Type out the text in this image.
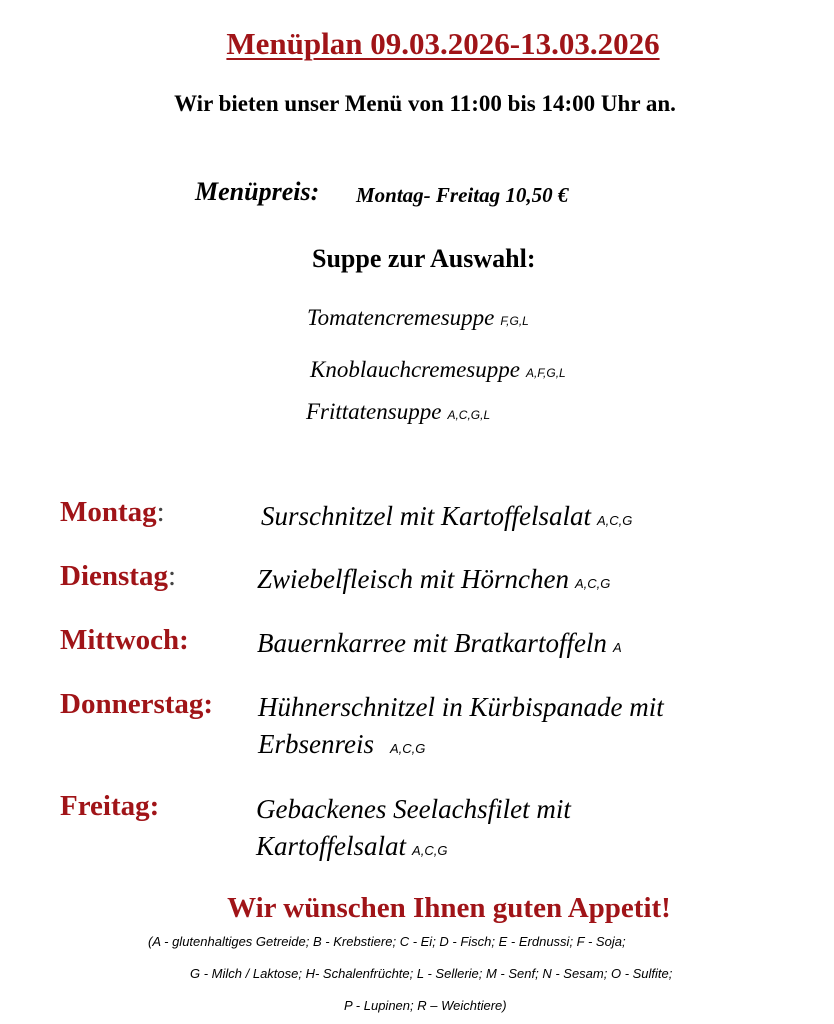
Menüplan 09.03.2026-13.03.2026
Wir bieten unser Menü von 11:00 bis 14:00 Uhr an.
Menüpreis: Montag- Freitag 10,50 €
Suppe zur Auswahl:
Tomatencremesuppe F,G,L
Knoblauchcremesuppe A,F,G,L
Frittatensuppe A,C,G,L
Montag:	Surschnitzel mit Kartoffelsalat A,C,G
Dienstag:	Zwiebelfleisch mit Hörnchen A,C,G
Mittwoch:	Bauernkarree mit Bratkartoffeln A
Donnerstag: Hühnerschnitzel in Kürbispanade mit
Erbsenreis A,C,G
Freitag:	Gebackenes Seelachsfilet mit
Kartoffelsalat A,C,G
Wir wünschen Ihnen guten Appetit!
(A - glutenhaltiges Getreide; B - Krebstiere; C - Ei; D - Fisch; E - Erdnussi; F - Soja;
G - Milch / Laktose; H- Schalenfrüchte; L - Sellerie; M - Senf; N - Sesam; O - Sulfite;
P - Lupinen; R – Weichtiere)
